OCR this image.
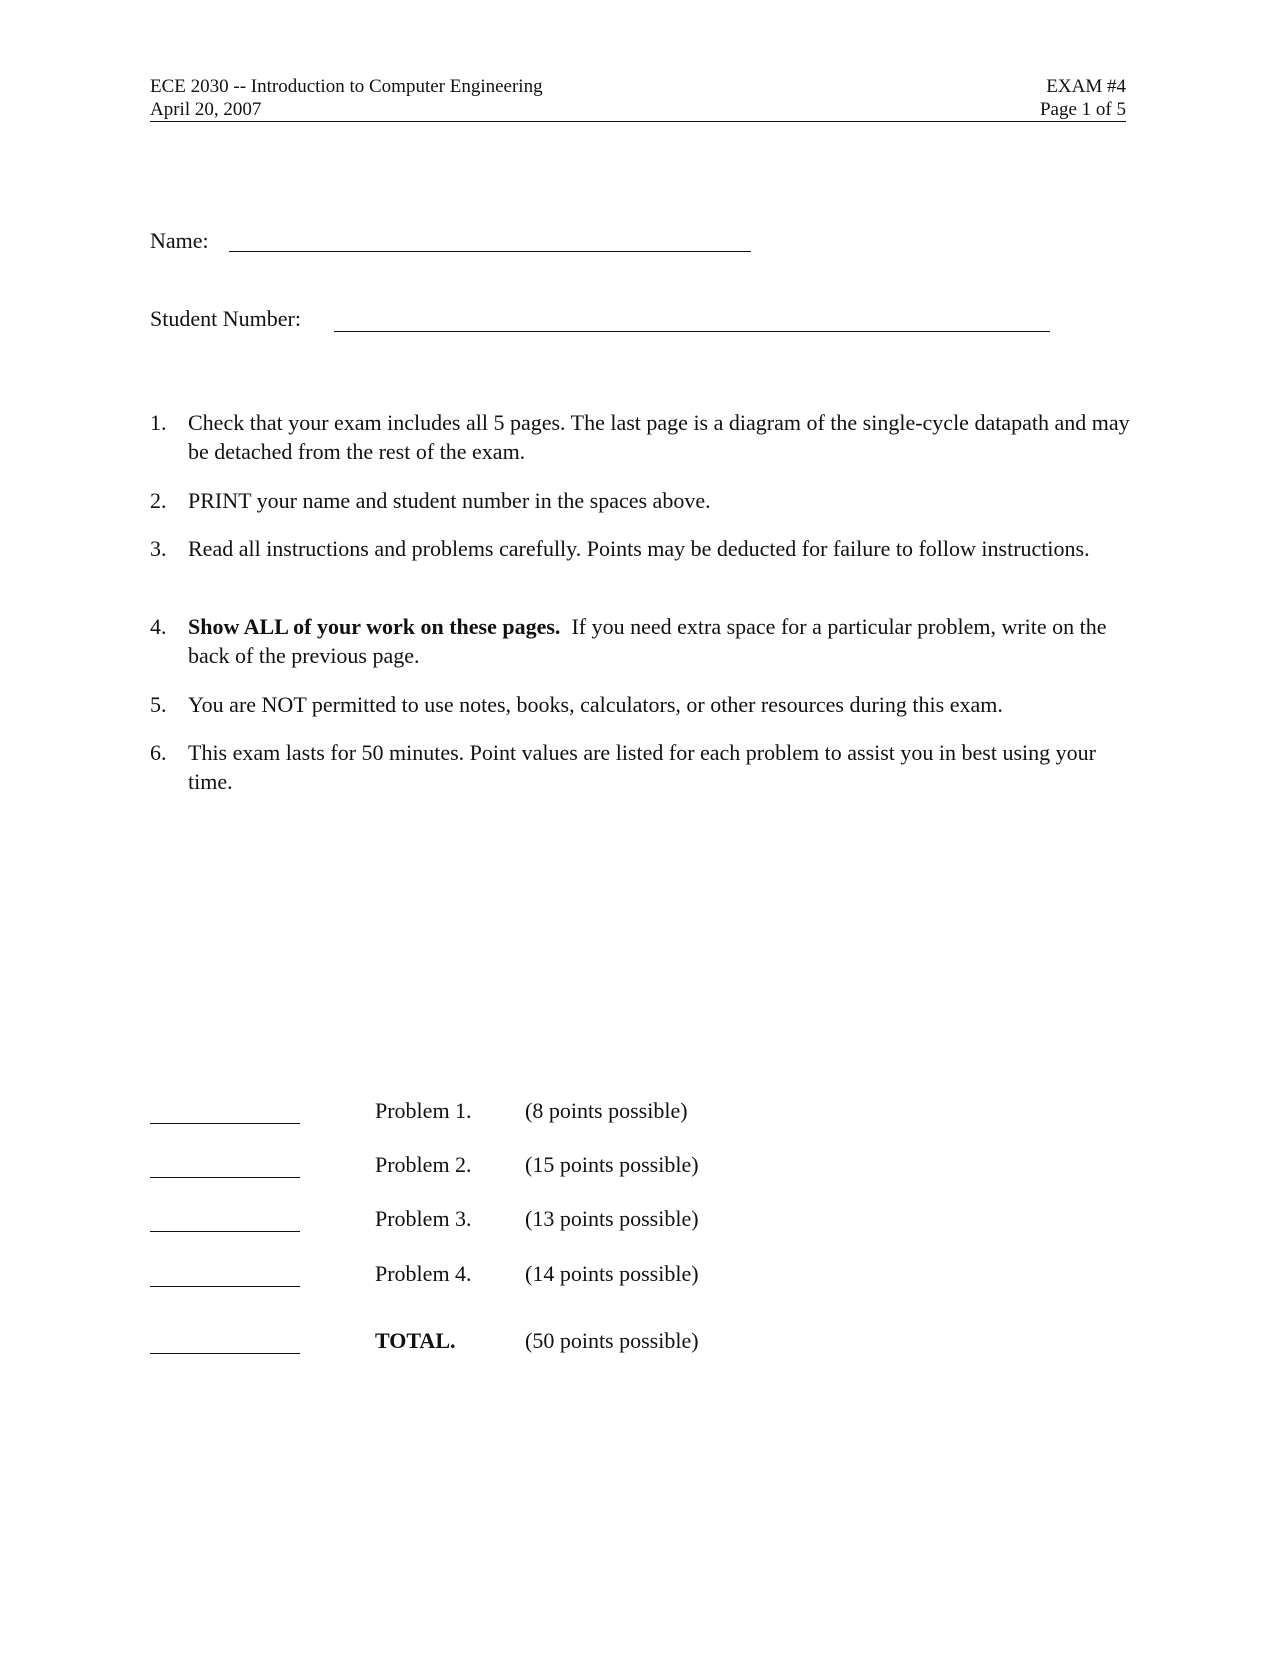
ECE 2030 -- Introduction to Computer Engineering
April 20, 2007
EXAM #4
Page 1 of 5
Name:
Student Number:
1. Check that your exam includes all 5 pages. The last page is a diagram of the single-cycle datapath and may be detached from the rest of the exam.
2. PRINT your name and student number in the spaces above.
3. Read all instructions and problems carefully. Points may be deducted for failure to follow instructions.
4. Show ALL of your work on these pages.  If you need extra space for a particular problem, write on the back of the previous page.
5. You are NOT permitted to use notes, books, calculators, or other resources during this exam.
6. This exam lasts for 50 minutes. Point values are listed for each problem to assist you in best using your time.
Problem 1. (8 points possible)
Problem 2. (15 points possible)
Problem 3. (13 points possible)
Problem 4. (14 points possible)
TOTAL.	(50 points possible)
